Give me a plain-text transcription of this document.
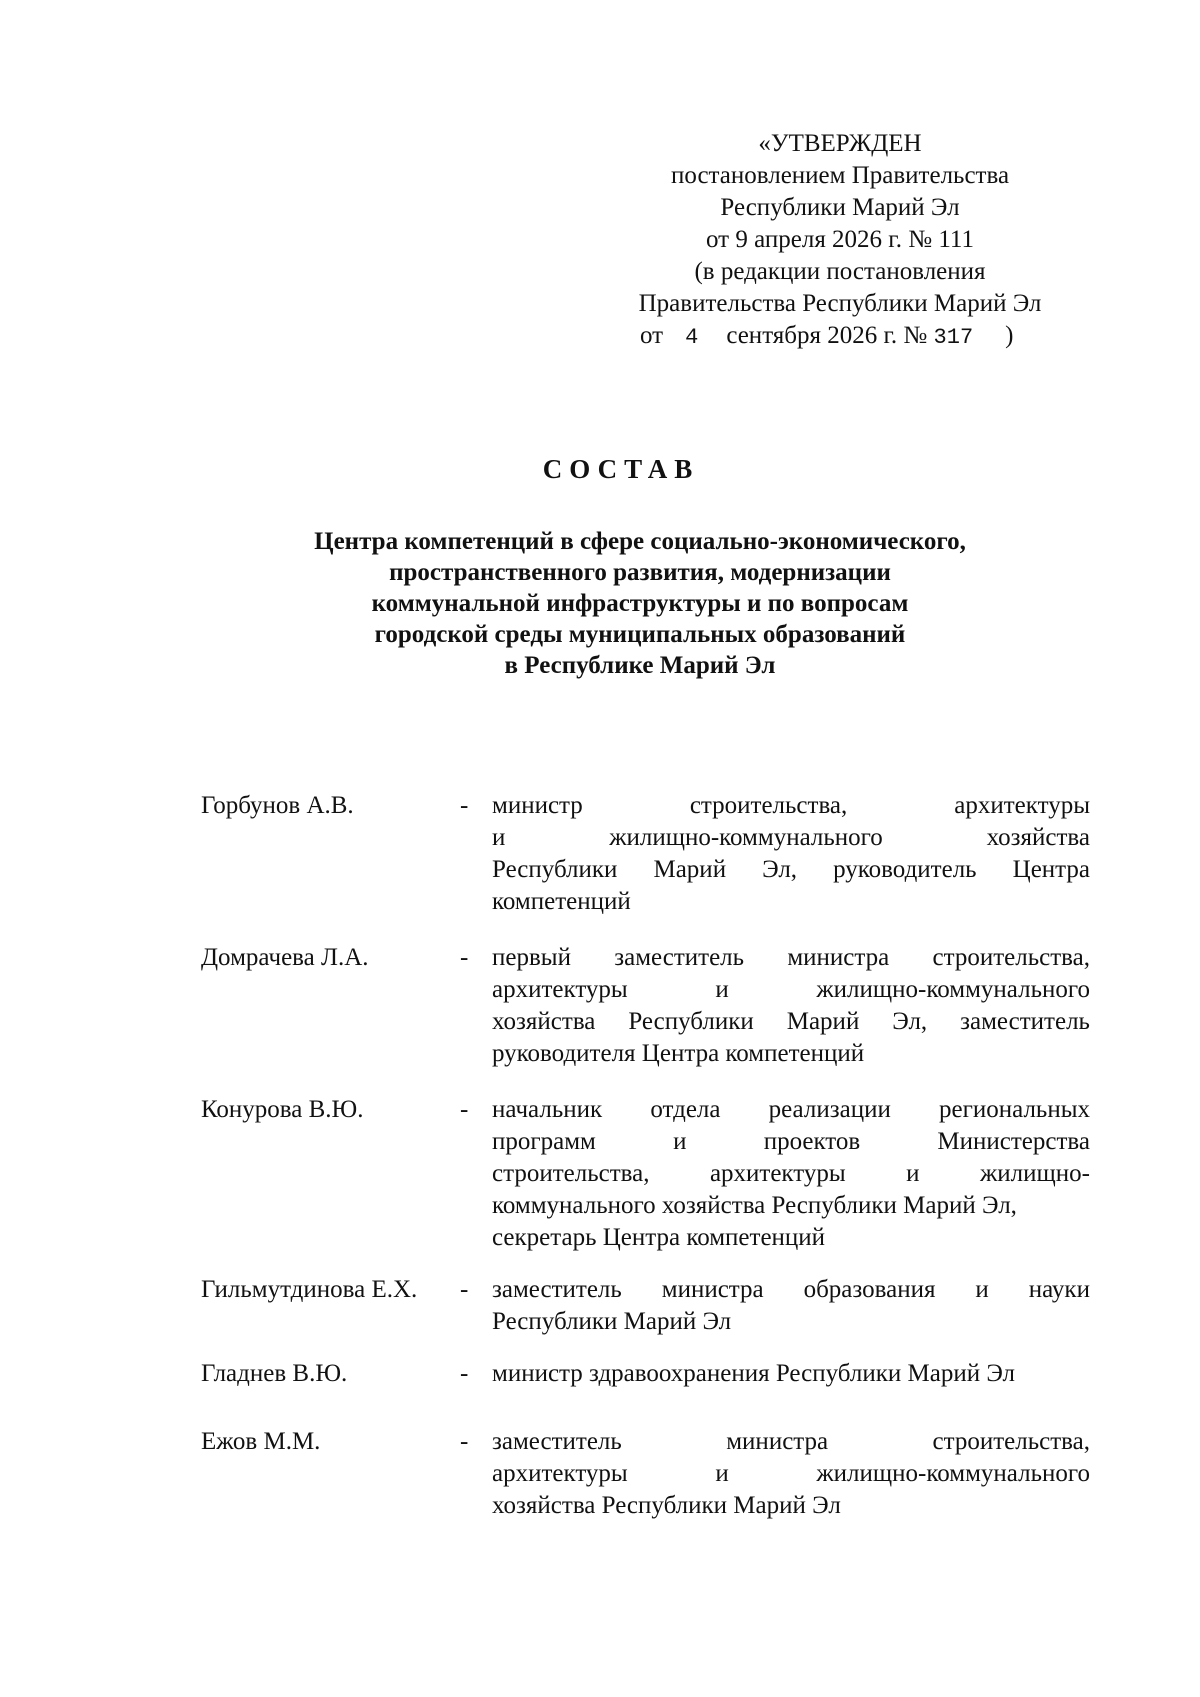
«УТВЕРЖДЕН
постановлением Правительства
Республики Марий Эл
от 9 апреля 2026 г. № 111
(в редакции постановления
Правительства Республики Марий Эл
от 4 сентября 2026 г. № 317 )
СОСТАВ
Центра компетенций в сфере социально-экономического,
пространственного развития, модернизации
коммунальной инфраструктуры и по вопросам
городской среды муниципальных образований
в Республике Марий Эл
Горбунов А.В.	- министр	строительства,	архитектуры
и	жилищно-коммунального	хозяйства
Республики Марий Эл, руководитель Центра
компетенций
Домрачева Л.А.	- первый заместитель министра строительства,
архитектуры	и	жилищно-коммунального
хозяйства Республики Марий Эл, заместитель
руководителя Центра компетенций
Конурова В.Ю.	- начальник отдела реализации региональных
программ	и	проектов	Министерства
строительства, архитектуры и жилищно-
коммунального хозяйства Республики Марий Эл,
секретарь Центра компетенций
Гильмутдинова Е.Х. - заместитель министра образования и науки
Республики Марий Эл
Гладнев В.Ю.	- министр здравоохранения Республики Марий Эл
Ежов М.М.	- заместитель	министра	строительства,
архитектуры	и	жилищно-коммунального
хозяйства Республики Марий Эл
